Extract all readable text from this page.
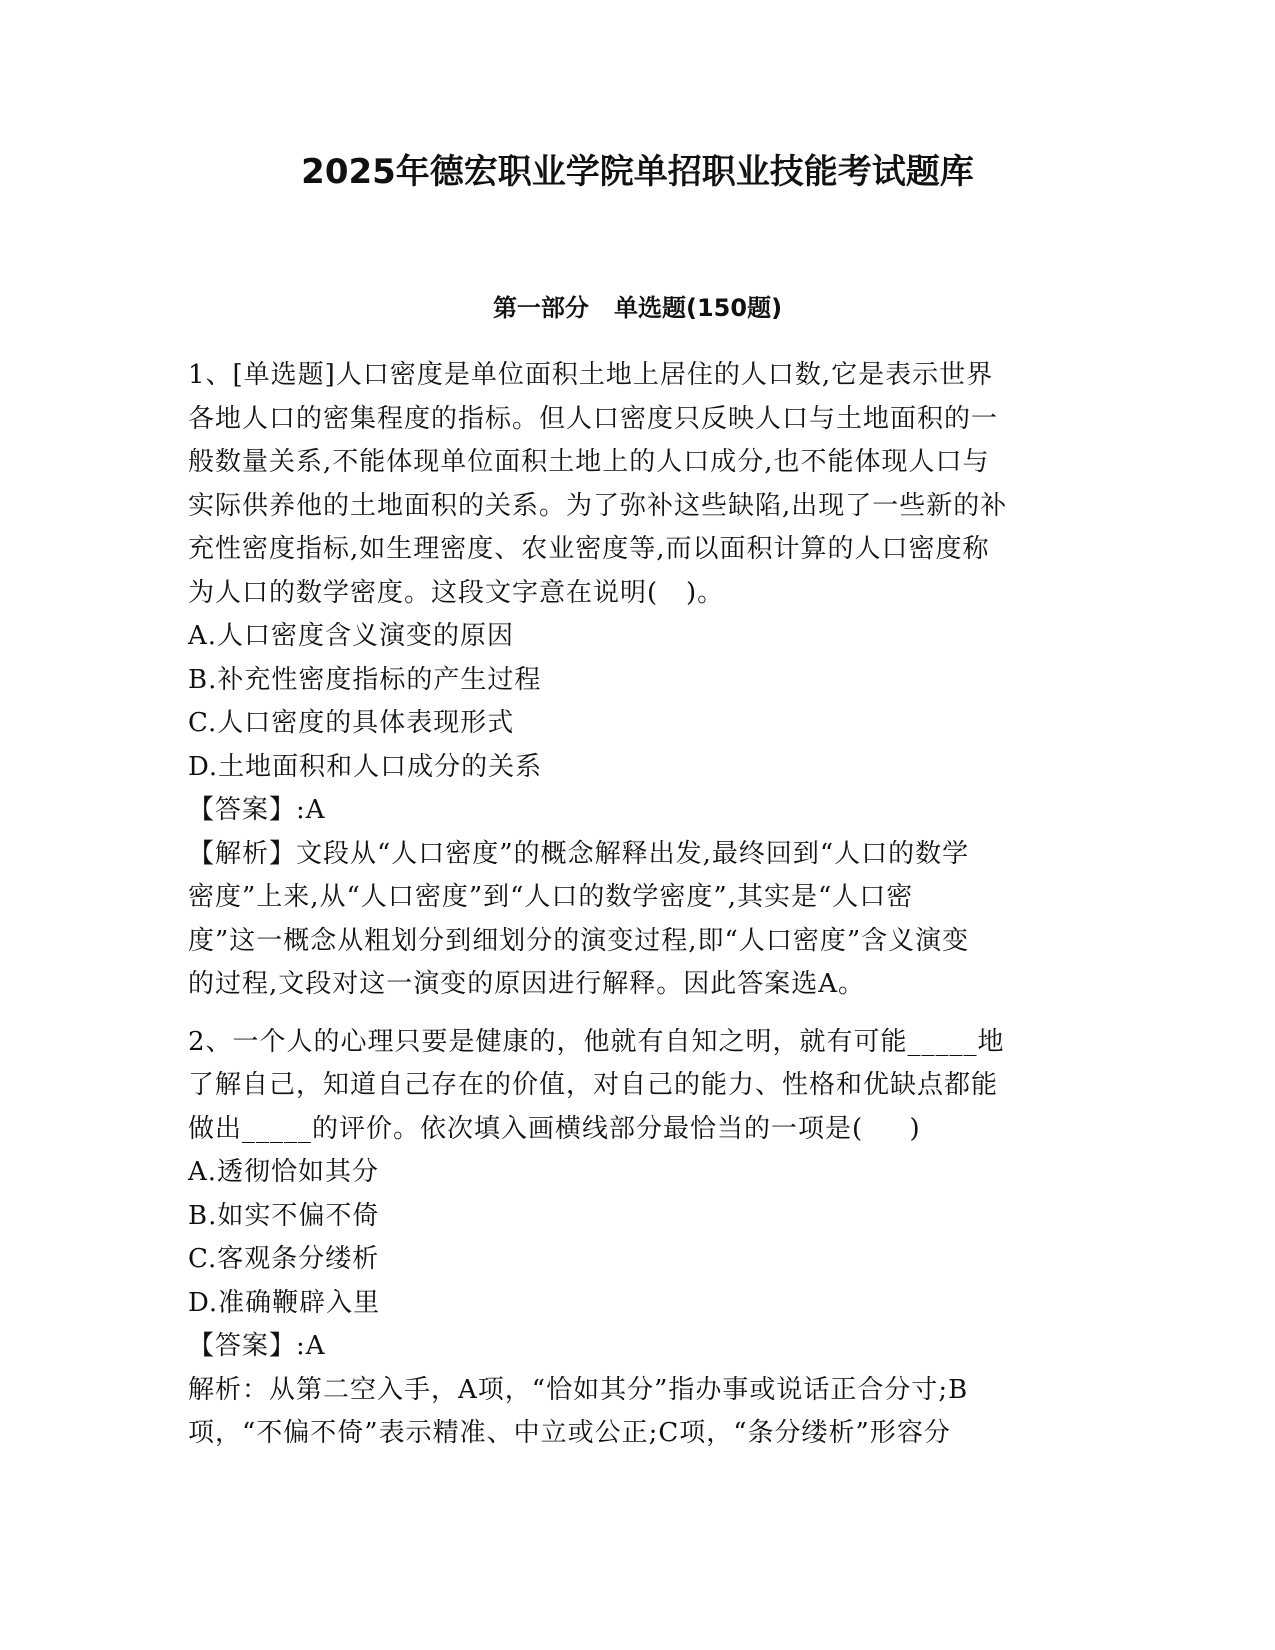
2025年德宏职业学院单招职业技能考试题库
第一部分   单选题(150题)
1、[单选题]人口密度是单位面积土地上居住的人口数,它是表示世界
各地人口的密集程度的指标。但人口密度只反映人口与土地面积的一
般数量关系,不能体现单位面积土地上的人口成分,也不能体现人口与
实际供养他的土地面积的关系。为了弥补这些缺陷,出现了一些新的补
充性密度指标,如生理密度、农业密度等,而以面积计算的人口密度称
为人口的数学密度。这段文字意在说明(   )。
A.人口密度含义演变的原因
B.补充性密度指标的产生过程
C.人口密度的具体表现形式
D.土地面积和人口成分的关系
【答案】:A
【解析】文段从“人口密度”的概念解释出发,最终回到“人口的数学
密度”上来,从“人口密度”到“人口的数学密度”,其实是“人口密
度”这一概念从粗划分到细划分的演变过程,即“人口密度”含义演变
的过程,文段对这一演变的原因进行解释。因此答案选A。
2、一个人的心理只要是健康的，他就有自知之明，就有可能_____地
了解自己，知道自己存在的价值，对自己的能力、性格和优缺点都能
做出_____的评价。依次填入画横线部分最恰当的一项是(     )
A.透彻恰如其分
B.如实不偏不倚
C.客观条分缕析
D.准确鞭辟入里
【答案】:A
解析：从第二空入手，A项，“恰如其分”指办事或说话正合分寸;B
项，“不偏不倚”表示精准、中立或公正;C项，“条分缕析”形容分
